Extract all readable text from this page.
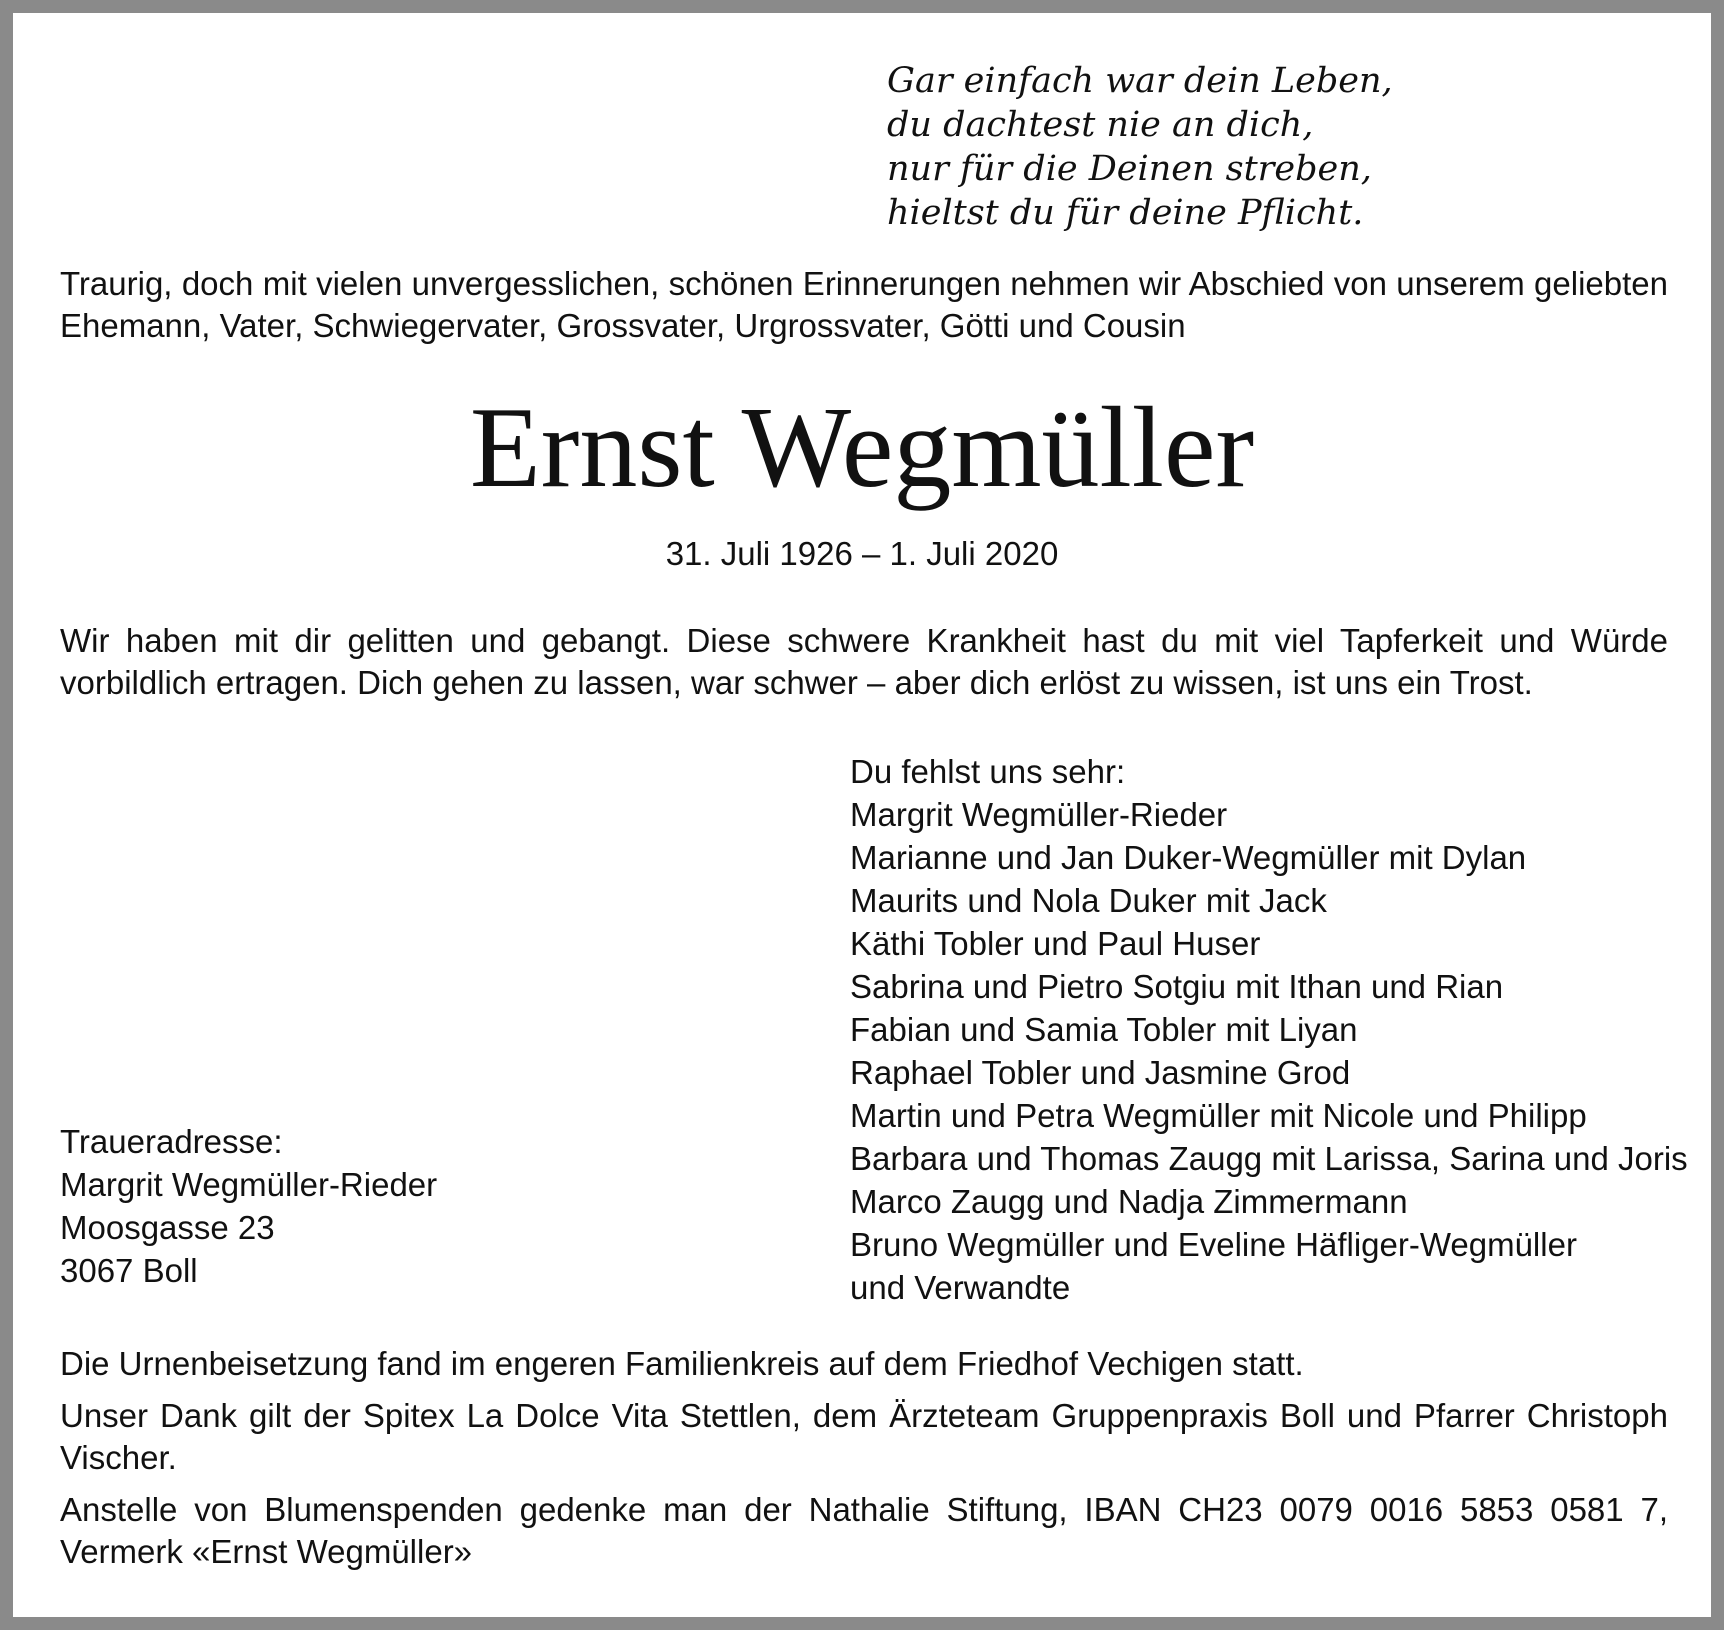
Gar einfach war dein Leben,
du dachtest nie an dich,
nur für die Deinen streben,
hieltst du für deine Pflicht.
Traurig, doch mit vielen unvergesslichen, schönen Erinnerungen nehmen wir Abschied von unserem geliebten Ehemann, Vater, Schwiegervater, Grossvater, Urgrossvater, Götti und Cousin
Ernst Wegmüller
31. Juli 1926 – 1. Juli 2020
Wir haben mit dir gelitten und gebangt. Diese schwere Krankheit hast du mit viel Tapferkeit und Würde vorbildlich ertragen. Dich gehen zu lassen, war schwer – aber dich erlöst zu wissen, ist uns ein Trost.
Du fehlst uns sehr:
Margrit Wegmüller-Rieder
Marianne und Jan Duker-Wegmüller mit Dylan
Maurits und Nola Duker mit Jack
Käthi Tobler und Paul Huser
Sabrina und Pietro Sotgiu mit Ithan und Rian
Fabian und Samia Tobler mit Liyan
Raphael Tobler und Jasmine Grod
Martin und Petra Wegmüller mit Nicole und Philipp
Barbara und Thomas Zaugg mit Larissa, Sarina und Joris
Marco Zaugg und Nadja Zimmermann
Bruno Wegmüller und Eveline Häfliger-Wegmüller
und Verwandte
Traueradresse:
Margrit Wegmüller-Rieder
Moosgasse 23
3067 Boll

Die Urnenbeisetzung fand im engeren Familienkreis auf dem Friedhof Vechigen statt.

Unser Dank gilt der Spitex La Dolce Vita Stettlen, dem Ärzteteam Gruppenpraxis Boll und Pfarrer Christoph Vischer.

Anstelle von Blumenspenden gedenke man der Nathalie Stiftung, IBAN CH23 0079 0016 5853 0581 7, Vermerk «Ernst Wegmüller»
